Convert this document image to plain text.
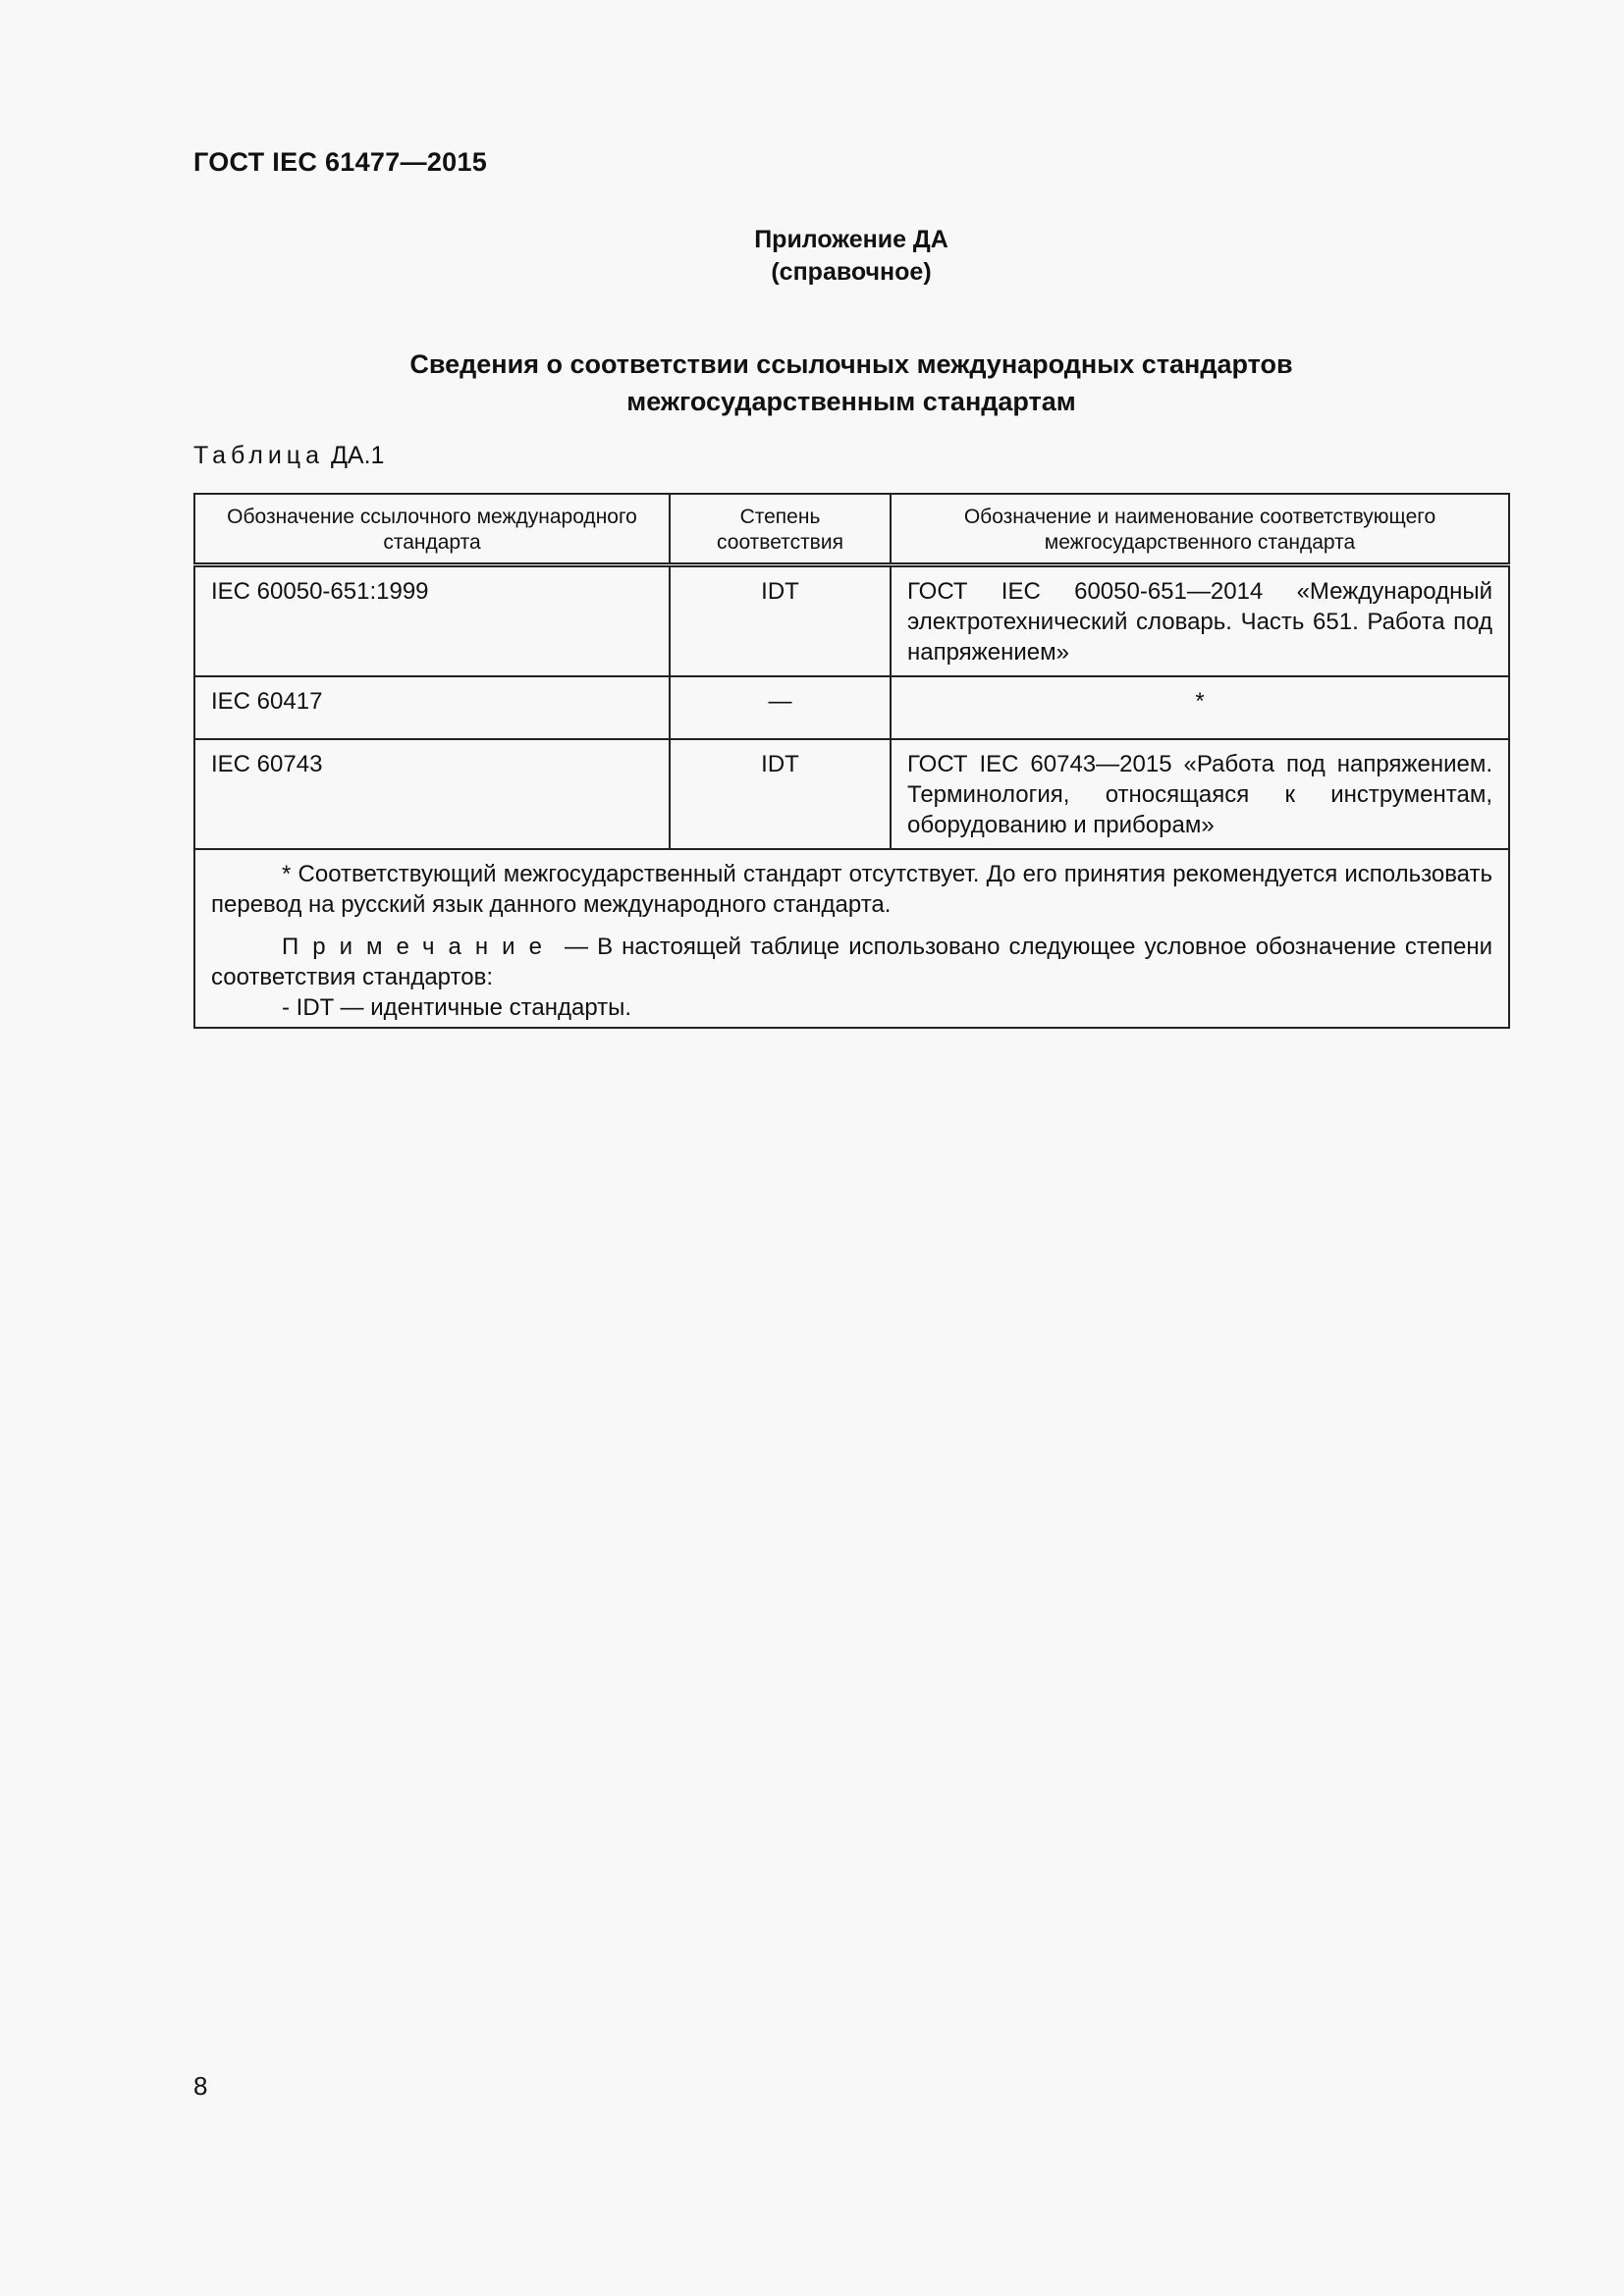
ГОСТ IEC 61477—2015
Приложение ДА
(справочное)
Сведения о соответствии ссылочных международных стандартов
межгосударственным стандартам
Таблица ДА.1
Обозначение ссылочного международного стандарта	Степень соответствия	Обозначение и наименование соответствующего межгосударственного стандарта
IEC 60050-651:1999	IDT	ГОСТ IEC 60050-651—2014 «Международный электротехнический словарь. Часть 651. Работа под напряжением»
IEC 60417	—	*
IEC 60743	IDT	ГОСТ IEC 60743—2015 «Работа под напряжением. Терминология, относящаяся к инструментам, оборудованию и приборам»

* Соответствующий межгосударственный стандарт отсутствует. До его принятия рекомендуется использовать перевод на русский язык данного международного стандарта.

Примечание — В настоящей таблице использовано следующее условное обозначение степени соответствия стандартов:

- IDT — идентичные стандарты.		

8
